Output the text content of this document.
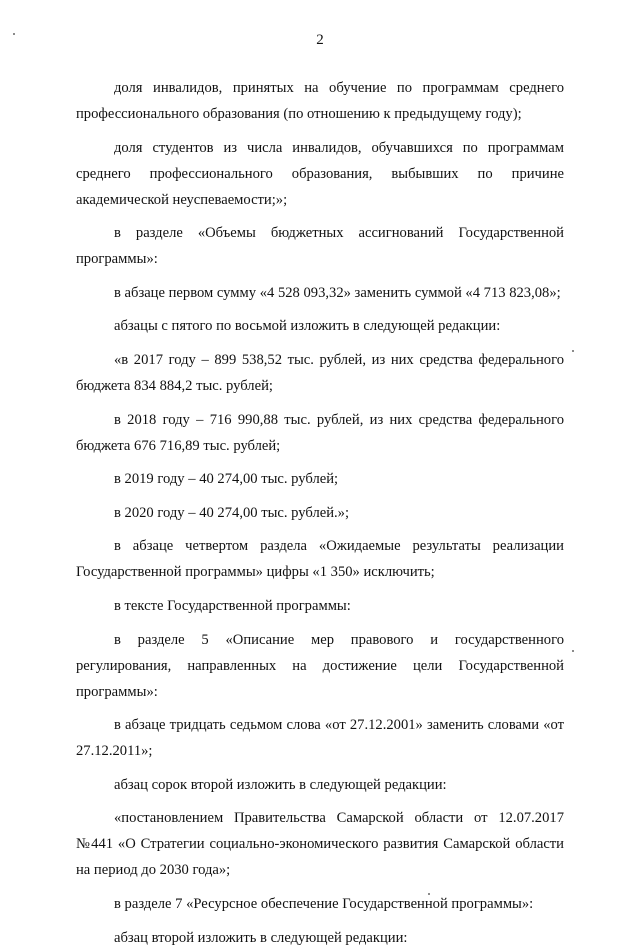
2

доля инвалидов, принятых на обучение по программам среднего профессионального образования (по отношению к предыдущему году);

доля студентов из числа инвалидов, обучавшихся по программам среднего профессионального образования, выбывших по причине академической неуспеваемости;»;

в разделе «Объемы бюджетных ассигнований Государственной программы»:

в абзаце первом сумму «4 528 093,32» заменить суммой «4 713 823,08»;

абзацы с пятого по восьмой изложить в следующей редакции:

«в 2017 году – 899 538,52 тыс. рублей, из них средства федерального бюджета 834 884,2 тыс. рублей;

в 2018 году – 716 990,88 тыс. рублей, из них средства федерального бюджета 676 716,89 тыс. рублей;

в 2019 году – 40 274,00 тыс. рублей;

в 2020 году – 40 274,00 тыс. рублей.»;

в абзаце четвертом раздела «Ожидаемые результаты реализации Государственной программы» цифры «1 350» исключить;

в тексте Государственной программы:

в разделе 5 «Описание мер правового и государственного регулирования, направленных на достижение цели Государственной программы»:

в абзаце тридцать седьмом слова «от 27.12.2001» заменить словами «от 27.12.2011»;

абзац сорок второй изложить в следующей редакции:

«постановлением Правительства Самарской области от 12.07.2017 №441 «О Стратегии социально-экономического развития Самарской области на период до 2030 года»;

в разделе 7 «Ресурсное обеспечение Государственной программы»:

абзац второй изложить в следующей редакции:
